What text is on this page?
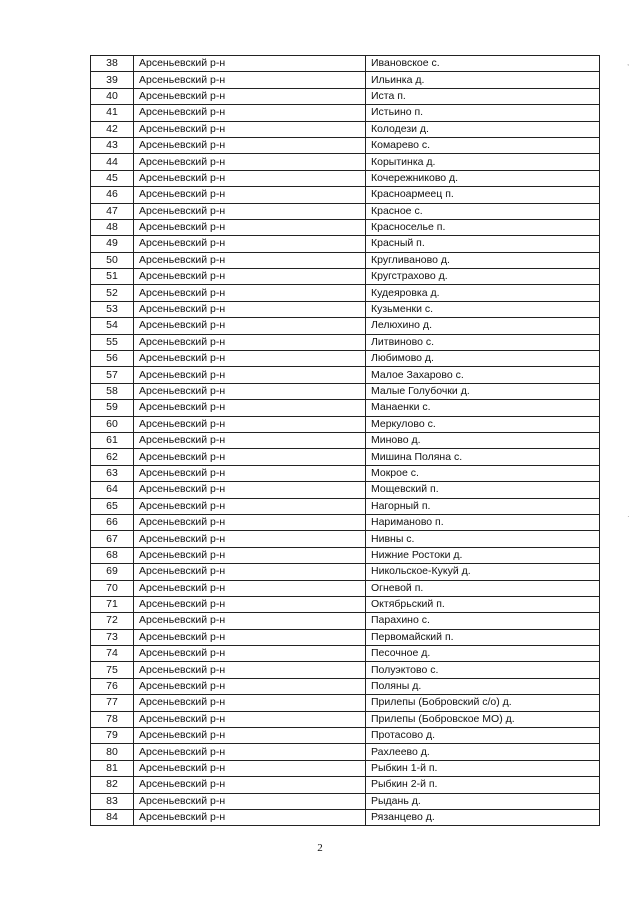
38	Арсеньевский р-н	Ивановское с.
39	Арсеньевский р-н	Ильинка д.
40	Арсеньевский р-н	Иста п.
41	Арсеньевский р-н	Истьино п.
42	Арсеньевский р-н	Колодези д.
43	Арсеньевский р-н	Комарево с.
44	Арсеньевский р-н	Корытинка д.
45	Арсеньевский р-н	Кочережниково д.
46	Арсеньевский р-н	Красноармеец п.
47	Арсеньевский р-н	Красное с.
48	Арсеньевский р-н	Красноселье п.
49	Арсеньевский р-н	Красный п.
50	Арсеньевский р-н	Кругливаново д.
51	Арсеньевский р-н	Кругстрахово д.
52	Арсеньевский р-н	Кудеяровка д.
53	Арсеньевский р-н	Кузьменки с.
54	Арсеньевский р-н	Лелюхино д.
55	Арсеньевский р-н	Литвиново с.
56	Арсеньевский р-н	Любимово д.
57	Арсеньевский р-н	Малое Захарово с.
58	Арсеньевский р-н	Малые Голубочки д.
59	Арсеньевский р-н	Манаенки с.
60	Арсеньевский р-н	Меркулово с.
61	Арсеньевский р-н	Миново д.
62	Арсеньевский р-н	Мишина Поляна с.
63	Арсеньевский р-н	Мокрое с.
64	Арсеньевский р-н	Мощевский п.
65	Арсеньевский р-н	Нагорный п.
66	Арсеньевский р-н	Нариманово п.
67	Арсеньевский р-н	Нивны с.
68	Арсеньевский р-н	Нижние Ростоки д.
69	Арсеньевский р-н	Никольское-Кукуй д.
70	Арсеньевский р-н	Огневой п.
71	Арсеньевский р-н	Октябрьский п.
72	Арсеньевский р-н	Парахино с.
73	Арсеньевский р-н	Первомайский п.
74	Арсеньевский р-н	Песочное д.
75	Арсеньевский р-н	Полуэктово с.
76	Арсеньевский р-н	Поляны д.
77	Арсеньевский р-н	Прилепы (Бобровский с/о) д.
78	Арсеньевский р-н	Прилепы (Бобровское МО) д.
79	Арсеньевский р-н	Протасово д.
80	Арсеньевский р-н	Рахлеево д.
81	Арсеньевский р-н	Рыбкин 1-й п.
82	Арсеньевский р-н	Рыбкин 2-й п.
83	Арсеньевский р-н	Рыдань д.
84	Арсеньевский р-н	Рязанцево д.
2
,
·
